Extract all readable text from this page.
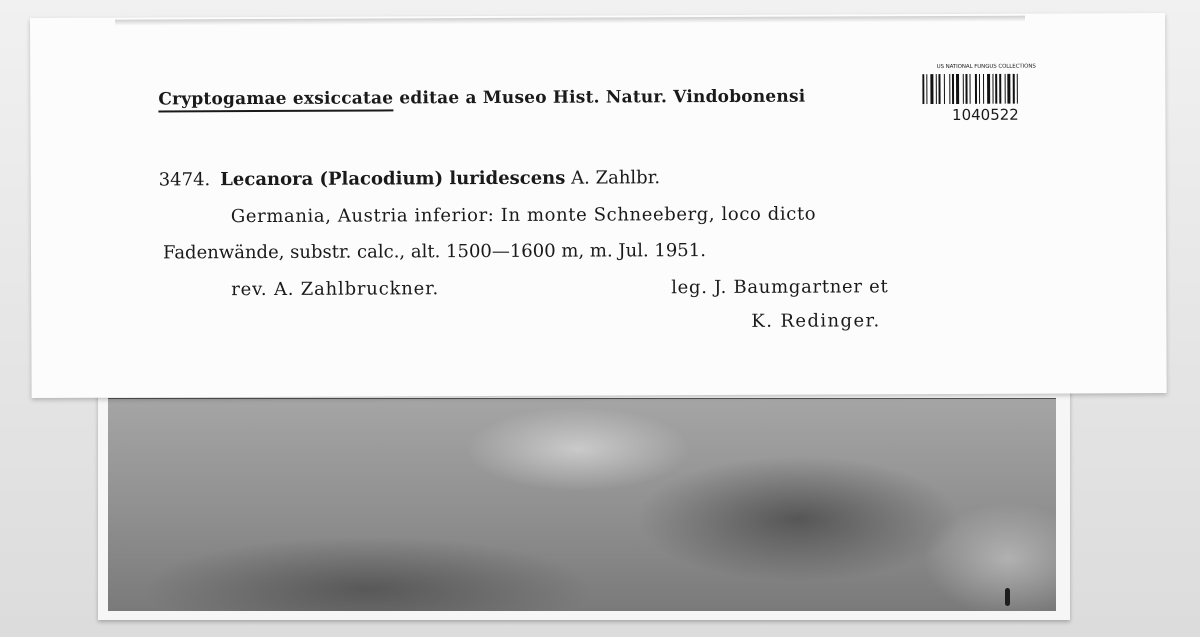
Cryptogamae exsiccatae editae a Museo Hist. Natur. Vindobonensi
US NATIONAL FUNGUS COLLECTIONS
1040522
3474. Lecanora (Placodium) luridescens A. Zahlbr.
Germania, Austria inferior: In monte Schneeberg, loco dicto
Fadenwände, substr. calc., alt. 1500—1600 m, m. Jul. 1951.
rev. A. Zahlbruckner.	leg. J. Baumgartner et
K. Redinger.
